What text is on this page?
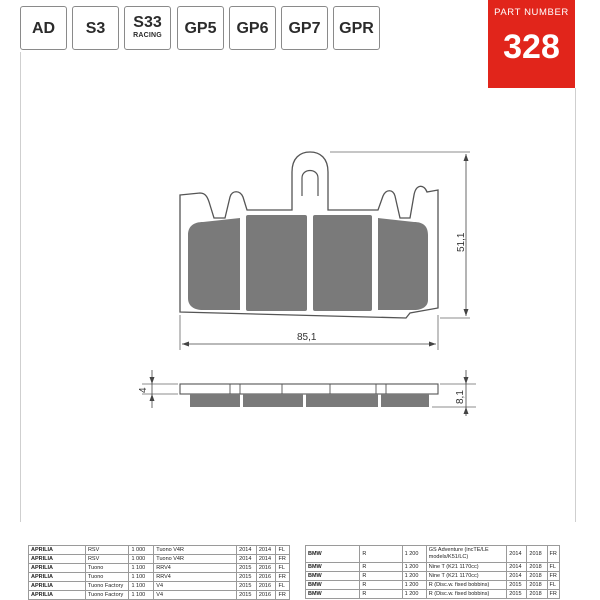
AD	S3	S33
RACING	GP5	GP6	GP7	GPR
PART NUMBER
328
85,1
51,1
4	8,1
APRILIA	RSV	1 000	Tuono V4R	2014	2014	FL
APRILIA	RSV	1 000	Tuono V4R	2014	2014	FR
APRILIA	Tuono	1 100	RRV4	2015	2016	FL
APRILIA	Tuono	1 100	RRV4	2015	2016	FR
APRILIA	Tuono Factory	1 100	V4	2015	2016	FL
APRILIA	Tuono Factory	1 100	V4	2015	2016	FR
BMW	R	1 200	GS Adventure (incTE/LE models/K51/LC)	2014	2018	FR
BMW	R	1 200	Nine T (K21 1170cc)	2014	2018	FL
BMW	R	1 200	Nine T (K21 1170cc)	2014	2018	FR
BMW	R	1 200	R (Disc.w. fixed bobbins)	2015	2018	FL
BMW	R	1 200	R (Disc.w. fixed bobbins)	2015	2018	FR
